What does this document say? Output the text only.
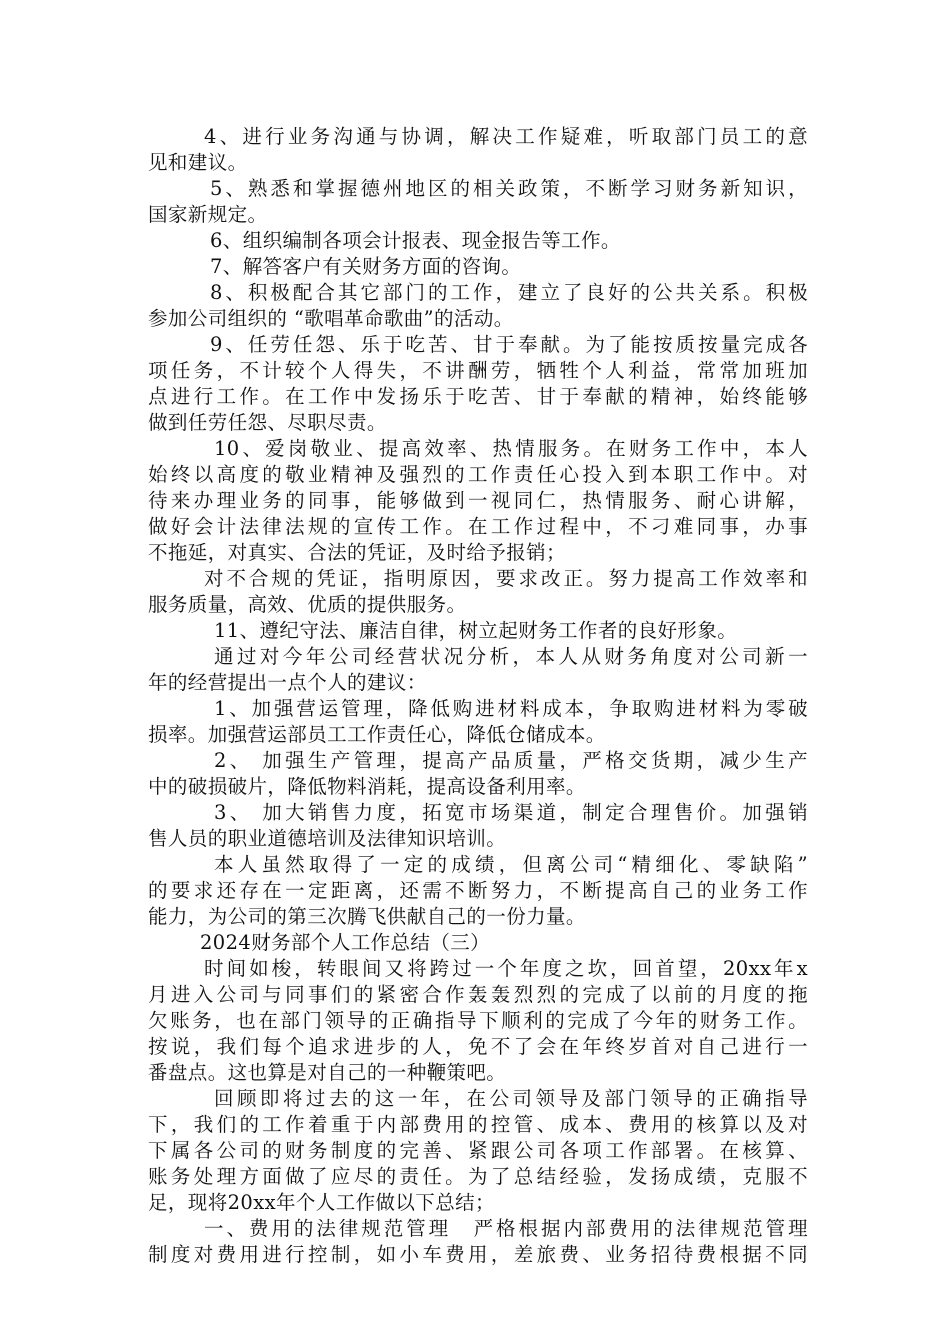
4、进行业务沟通与协调，解决工作疑难，听取部门员工的意
见和建议。
5、熟悉和掌握德州地区的相关政策，不断学习财务新知识，
国家新规定。
6、组织编制各项会计报表、现金报告等工作。
7、解答客户有关财务方面的咨询。
8、积极配合其它部门的工作，建立了良好的公共关系。积极
参加公司组织的 “歌唱革命歌曲”的活动。
9、任劳任怨、乐于吃苦、甘于奉献。为了能按质按量完成各
项任务，不计较个人得失，不讲酬劳，牺牲个人利益，常常加班加
点进行工作。在工作中发扬乐于吃苦、甘于奉献的精神，始终能够
做到任劳任怨、尽职尽责。
10、爱岗敬业、提高效率、热情服务。在财务工作中，本人
始终以高度的敬业精神及强烈的工作责任心投入到本职工作中。对
待来办理业务的同事，能够做到一视同仁，热情服务、耐心讲解，
做好会计法律法规的宣传工作。在工作过程中，不刁难同事，办事
不拖延，对真实、合法的凭证，及时给予报销；
对不合规的凭证，指明原因，要求改正。努力提高工作效率和
服务质量，高效、优质的提供服务。
11、遵纪守法、廉洁自律，树立起财务工作者的良好形象。
通过对今年公司经营状况分析，本人从财务角度对公司新一
年的经营提出一点个人的建议：
1、加强营运管理，降低购进材料成本，争取购进材料为零破
损率。加强营运部员工工作责任心，降低仓储成本。
2、 加强生产管理，提高产品质量，严格交货期，减少生产
中的破损破片，降低物料消耗，提高设备利用率。
3、 加大销售力度，拓宽市场渠道，制定合理售价。加强销
售人员的职业道德培训及法律知识培训。
本人虽然取得了一定的成绩，但离公司“精细化、零缺陷”
的要求还存在一定距离，还需不断努力，不断提高自己的业务工作
能力，为公司的第三次腾飞供献自己的一份力量。
2024财务部个人工作总结（三）
时间如梭，转眼间又将跨过一个年度之坎，回首望，20xx年x
月进入公司与同事们的紧密合作轰轰烈烈的完成了以前的月度的拖
欠账务，也在部门领导的正确指导下顺利的完成了今年的财务工作。
按说，我们每个追求进步的人，免不了会在年终岁首对自己进行一
番盘点。这也算是对自己的一种鞭策吧。
回顾即将过去的这一年，在公司领导及部门领导的正确指导
下，我们的工作着重于内部费用的控管、成本、费用的核算以及对
下属各公司的财务制度的完善、紧跟公司各项工作部署。在核算、
账务处理方面做了应尽的责任。为了总结经验，发扬成绩，克服不
足，现将20xx年个人工作做以下总结；
一、费用的法律规范管理　严格根据内部费用的法律规范管理
制度对费用进行控制，如小车费用，差旅费、业务招待费根据不同
